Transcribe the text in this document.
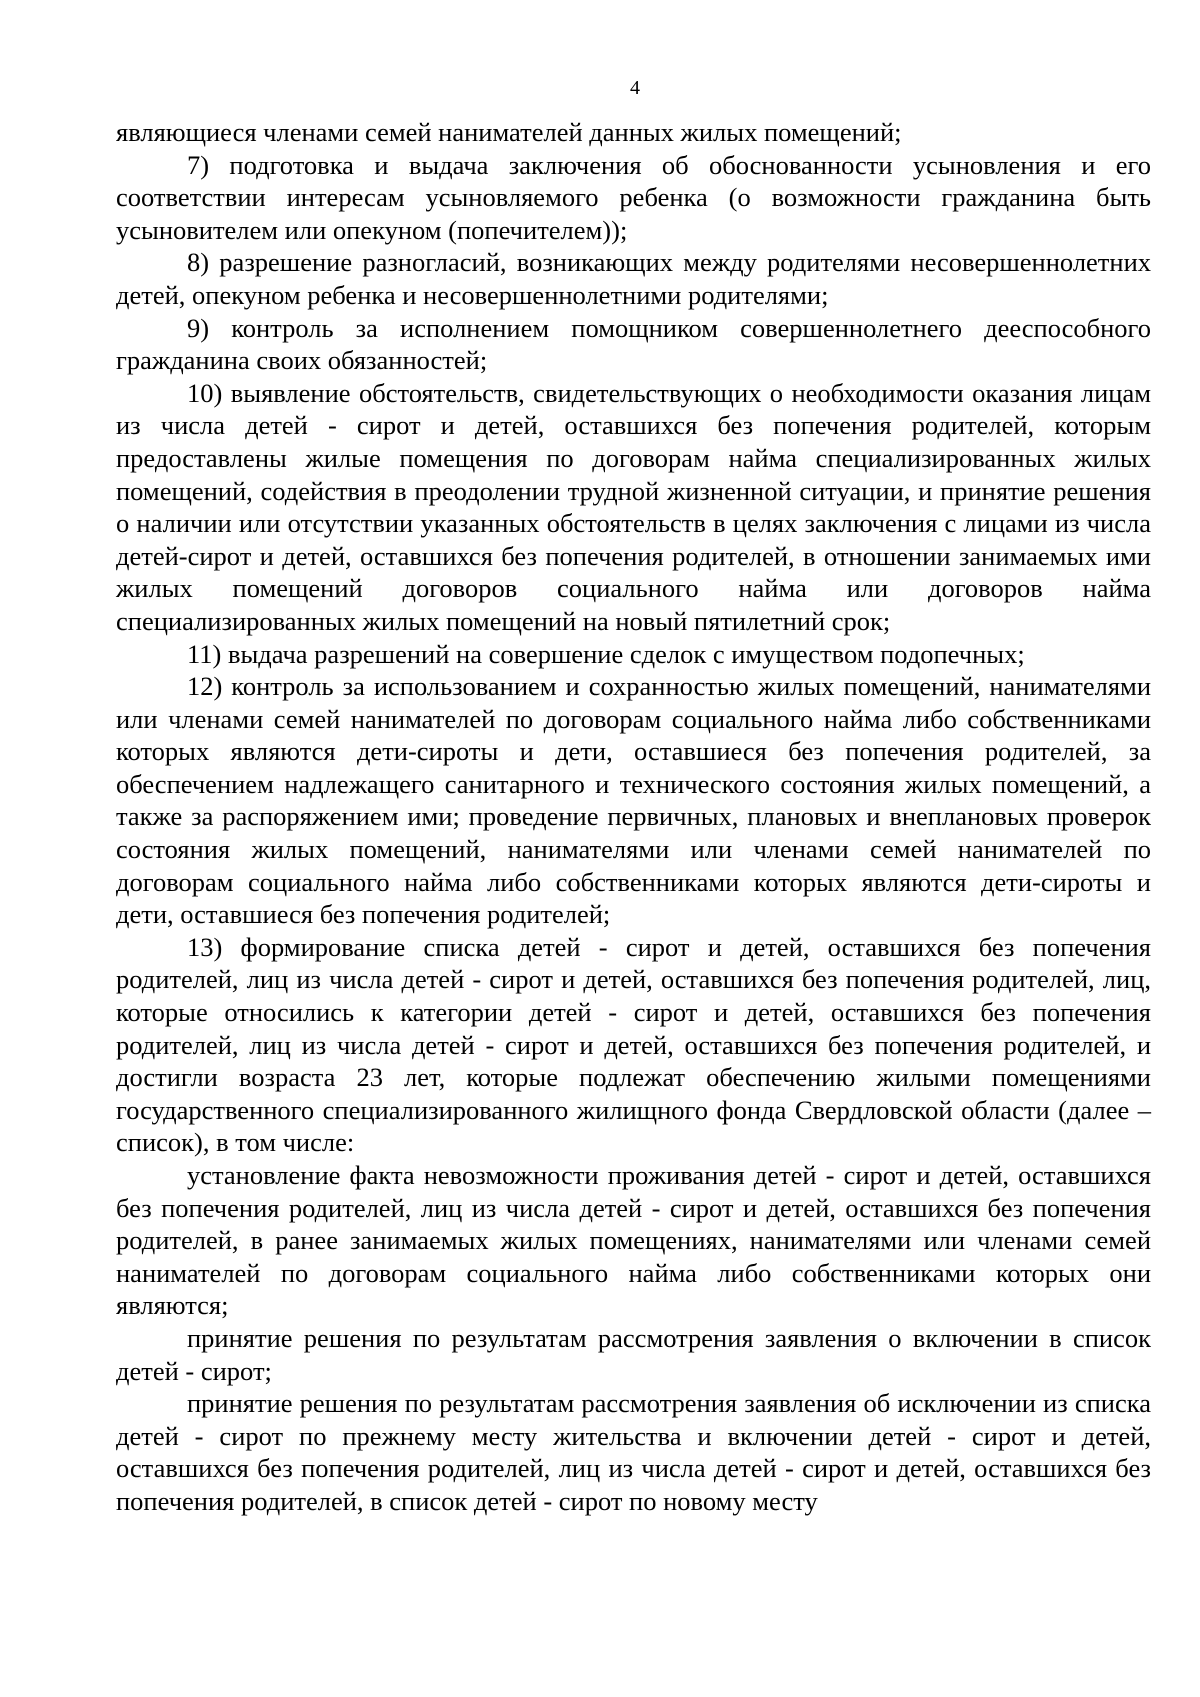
4

являющиеся членами семей нанимателей данных жилых помещений;

7) подготовка и выдача заключения об обоснованности усыновления и его соответствии интересам усыновляемого ребенка (о возможности гражданина быть усыновителем или опекуном (попечителем));

8) разрешение разногласий, возникающих между родителями несовершеннолетних детей, опекуном ребенка и несовершеннолетними родителями;

9) контроль за исполнением помощником совершеннолетнего дееспособного гражданина своих обязанностей;

10) выявление обстоятельств, свидетельствующих о необходимости оказания лицам из числа детей - сирот и детей, оставшихся без попечения родителей, которым предоставлены жилые помещения по договорам найма специализированных жилых помещений, содействия в преодолении трудной жизненной ситуации, и принятие решения о наличии или отсутствии указанных обстоятельств в целях заключения с лицами из числа детей-сирот и детей, оставшихся без попечения родителей, в отношении занимаемых ими жилых помещений договоров социального найма или договоров найма специализированных жилых помещений на новый пятилетний срок;

11) выдача разрешений на совершение сделок с имуществом подопечных;

12) контроль за использованием и сохранностью жилых помещений, нанимателями или членами семей нанимателей по договорам социального найма либо собственниками которых являются дети-сироты и дети, оставшиеся без попечения родителей, за обеспечением надлежащего санитарного и технического состояния жилых помещений, а также за распоряжением ими; проведение первичных, плановых и внеплановых проверок состояния жилых помещений, нанимателями или членами семей нанимателей по договорам социального найма либо собственниками которых являются дети-сироты и дети, оставшиеся без попечения родителей;

13) формирование списка детей - сирот и детей, оставшихся без попечения родителей, лиц из числа детей - сирот и детей, оставшихся без попечения родителей, лиц, которые относились к категории детей - сирот и детей, оставшихся без попечения родителей, лиц из числа детей - сирот и детей, оставшихся без попечения родителей, и достигли возраста 23 лет, которые подлежат обеспечению жилыми помещениями государственного специализированного жилищного фонда Свердловской области (далее – список), в том числе:

установление факта невозможности проживания детей - сирот и детей, оставшихся без попечения родителей, лиц из числа детей - сирот и детей, оставшихся без попечения родителей, в ранее занимаемых жилых помещениях, нанимателями или членами семей нанимателей по договорам социального найма либо собственниками которых они являются;

принятие решения по результатам рассмотрения заявления о включении в список детей - сирот;

принятие решения по результатам рассмотрения заявления об исключении из списка детей - сирот по прежнему месту жительства и включении детей - сирот и детей, оставшихся без попечения родителей, лиц из числа детей - сирот и детей, оставшихся без попечения родителей, в список детей - сирот по новому месту
